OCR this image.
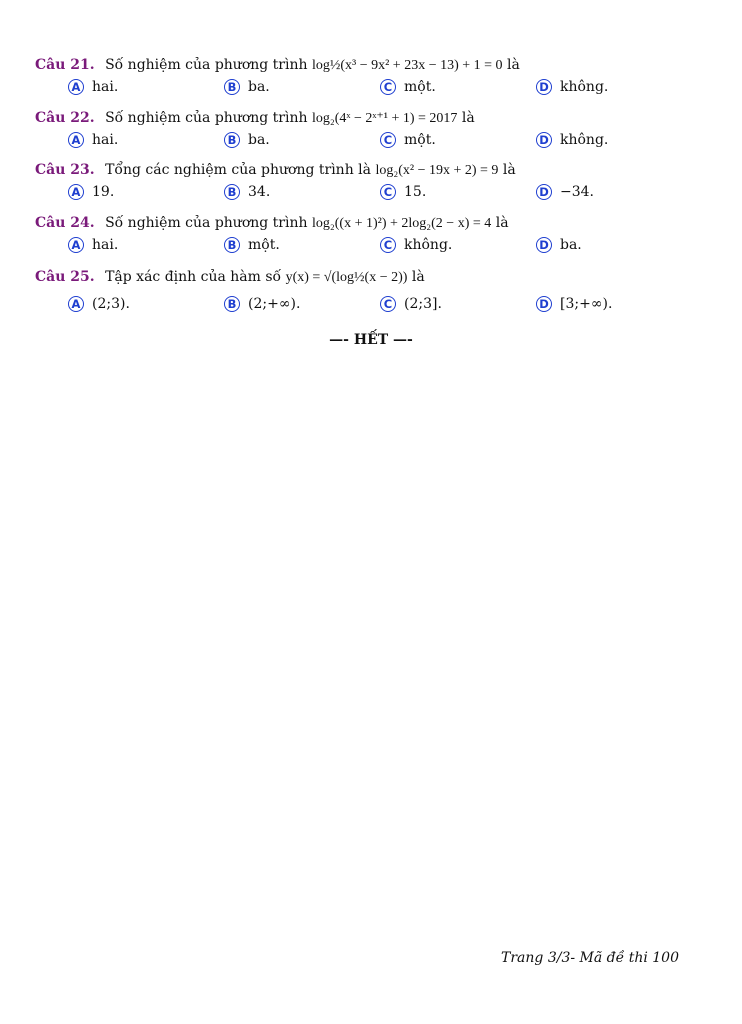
Câu 21. Số nghiệm của phương trình log½(x³ − 9x² + 23x − 13) + 1 = 0 là
A hai.	B ba.	C một.	D không.
Câu 22. Số nghiệm của phương trình log₂(4ˣ − 2ˣ⁺¹ + 1) = 2017 là
A hai.	B ba.	C một.	D không.
Câu 23. Tổng các nghiệm của phương trình là log₂(x² − 19x + 2) = 9 là
A 19.	B 34.	C 15.	D −34.
Câu 24. Số nghiệm của phương trình log₂((x + 1)²) + 2log₂(2 − x) = 4 là
A hai.	B một.	C không.	D ba.
Câu 25. Tập xác định của hàm số y(x) = √(log½(x − 2)) là
A (2;3).	B (2;+∞).	C (2;3].	D [3;+∞).
—- HẾT —-
Trang 3/3- Mã đề thi 100
